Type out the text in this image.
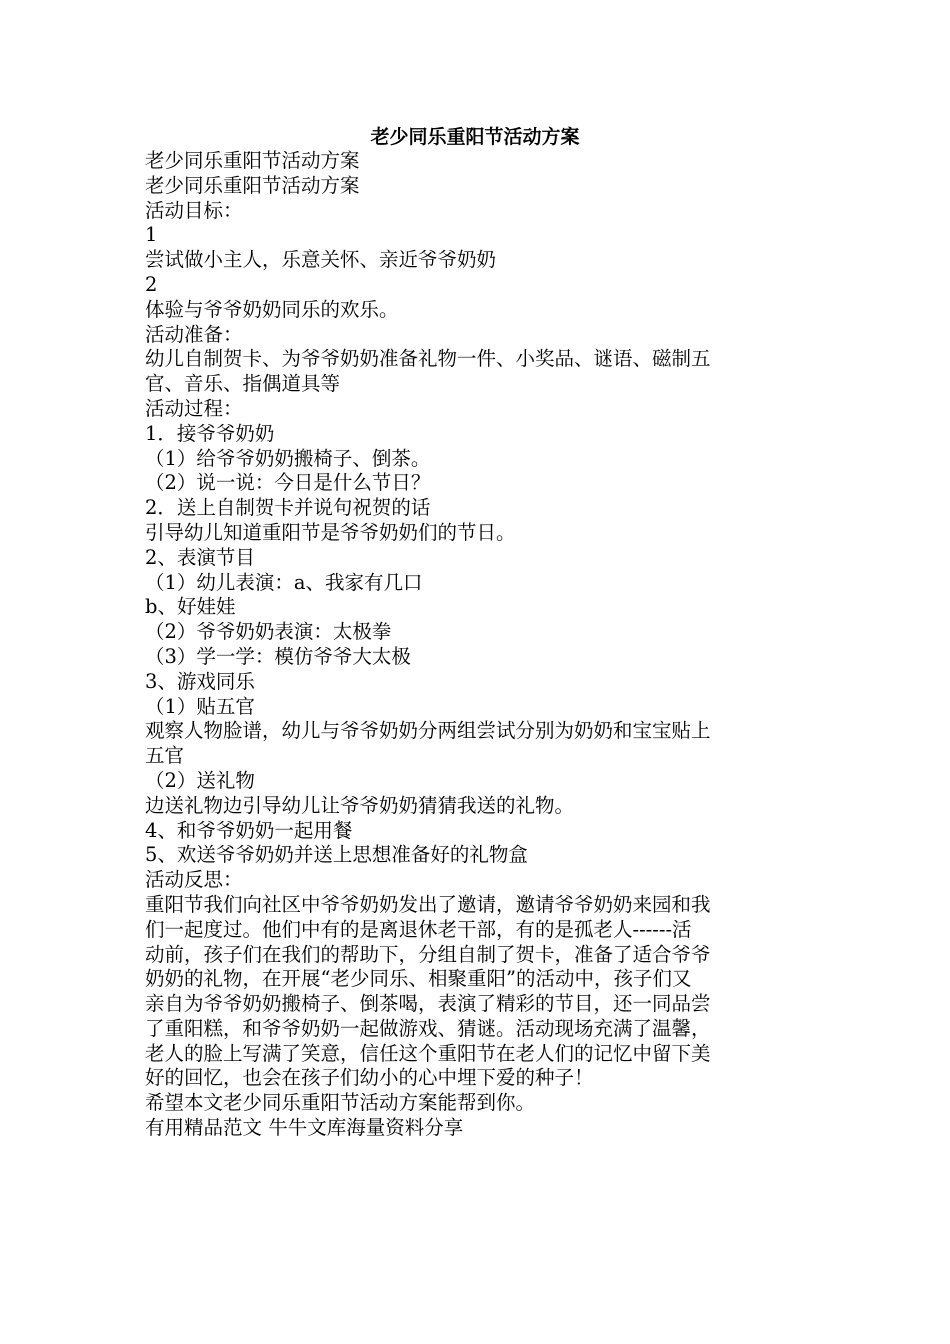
老少同乐重阳节活动方案
老少同乐重阳节活动方案
老少同乐重阳节活动方案
活动目标：
1
尝试做小主人，乐意关怀、亲近爷爷奶奶
2
体验与爷爷奶奶同乐的欢乐。
活动准备：
幼儿自制贺卡、为爷爷奶奶准备礼物一件、小奖品、谜语、磁制五
官、音乐、指偶道具等
活动过程：
1．接爷爷奶奶
（1）给爷爷奶奶搬椅子、倒茶。
（2）说一说：今日是什么节日？
2．送上自制贺卡并说句祝贺的话
引导幼儿知道重阳节是爷爷奶奶们的节日。
2、表演节目
（1）幼儿表演：a、我家有几口
b、好娃娃
（2）爷爷奶奶表演：太极拳
（3）学一学：模仿爷爷大太极
3、游戏同乐
（1）贴五官
观察人物脸谱，幼儿与爷爷奶奶分两组尝试分别为奶奶和宝宝贴上
五官
（2）送礼物
边送礼物边引导幼儿让爷爷奶奶猜猜我送的礼物。
4、和爷爷奶奶一起用餐
5、欢送爷爷奶奶并送上思想准备好的礼物盒
活动反思：
重阳节我们向社区中爷爷奶奶发出了邀请，邀请爷爷奶奶来园和我
们一起度过。他们中有的是离退休老干部，有的是孤老人------活
动前，孩子们在我们的帮助下，分组自制了贺卡，准备了适合爷爷
奶奶的礼物，在开展“老少同乐、相聚重阳”的活动中，孩子们又
亲自为爷爷奶奶搬椅子、倒茶喝，表演了精彩的节目，还一同品尝
了重阳糕，和爷爷奶奶一起做游戏、猜谜。活动现场充满了温馨，
老人的脸上写满了笑意，信任这个重阳节在老人们的记忆中留下美
好的回忆，也会在孩子们幼小的心中埋下爱的种子！
希望本文老少同乐重阳节活动方案能帮到你。
有用精品范文 牛牛文库海量资料分享
